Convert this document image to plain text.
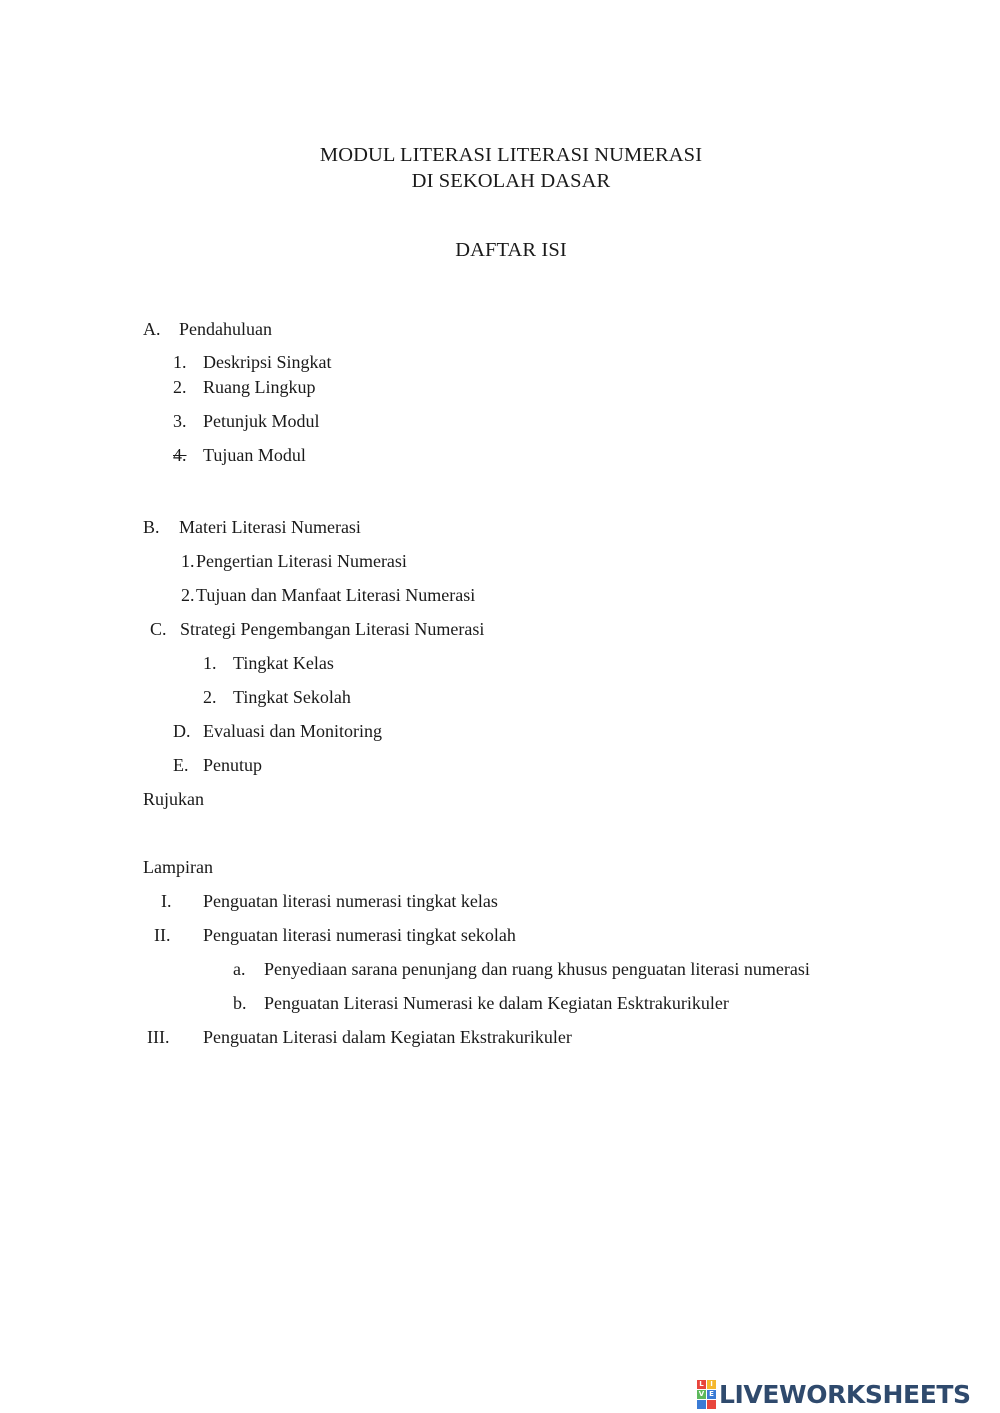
MODUL LITERASI LITERASI NUMERASI
DI SEKOLAH DASAR
DAFTAR ISI
A. Pendahuluan
1. Deskripsi Singkat
2. Ruang Lingkup
3. Petunjuk Modul
4. Tujuan Modul
B. Materi Literasi Numerasi
1. Pengertian Literasi Numerasi
2. Tujuan dan Manfaat Literasi Numerasi
C. Strategi Pengembangan Literasi Numerasi
1. Tingkat Kelas
2. Tingkat Sekolah
D. Evaluasi dan Monitoring
E. Penutup
Rujukan
Lampiran
I. Penguatan literasi numerasi tingkat kelas
II. Penguatan literasi numerasi tingkat sekolah
a. Penyediaan sarana penunjang dan ruang khusus penguatan literasi numerasi
b. Penguatan Literasi Numerasi ke dalam Kegiatan Esktrakurikuler
III. Penguatan Literasi dalam Kegiatan Ekstrakurikuler
L I
V E LIVEWORKSHEETS
